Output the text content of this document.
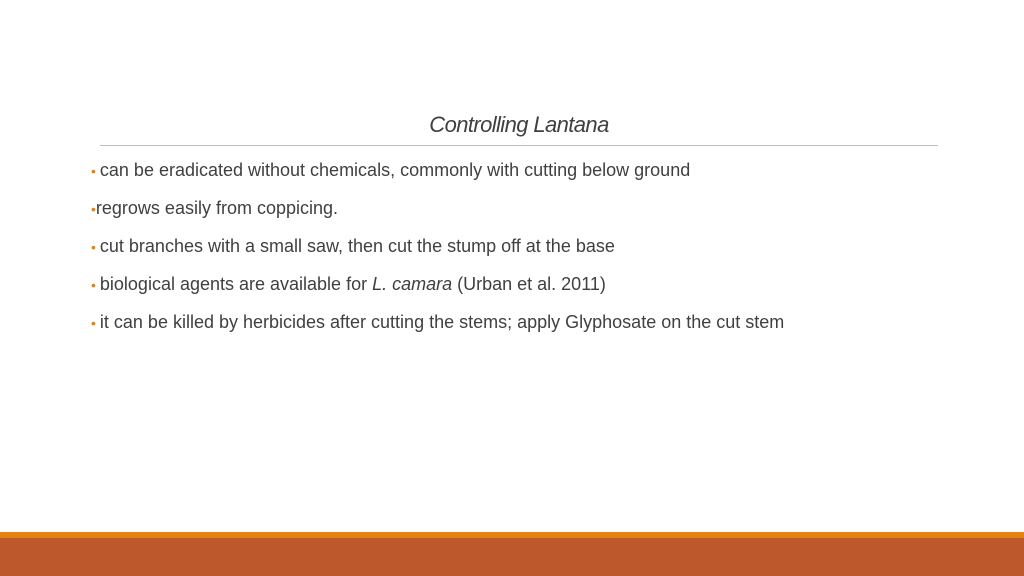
Controlling Lantana
• can be eradicated without chemicals, commonly with cutting below ground
•regrows easily from coppicing.
• cut branches with a small saw, then cut the stump off at the base
• biological agents are available for L. camara (Urban et al. 2011)
• it can be killed by herbicides after cutting the stems; apply Glyphosate on the cut stem
